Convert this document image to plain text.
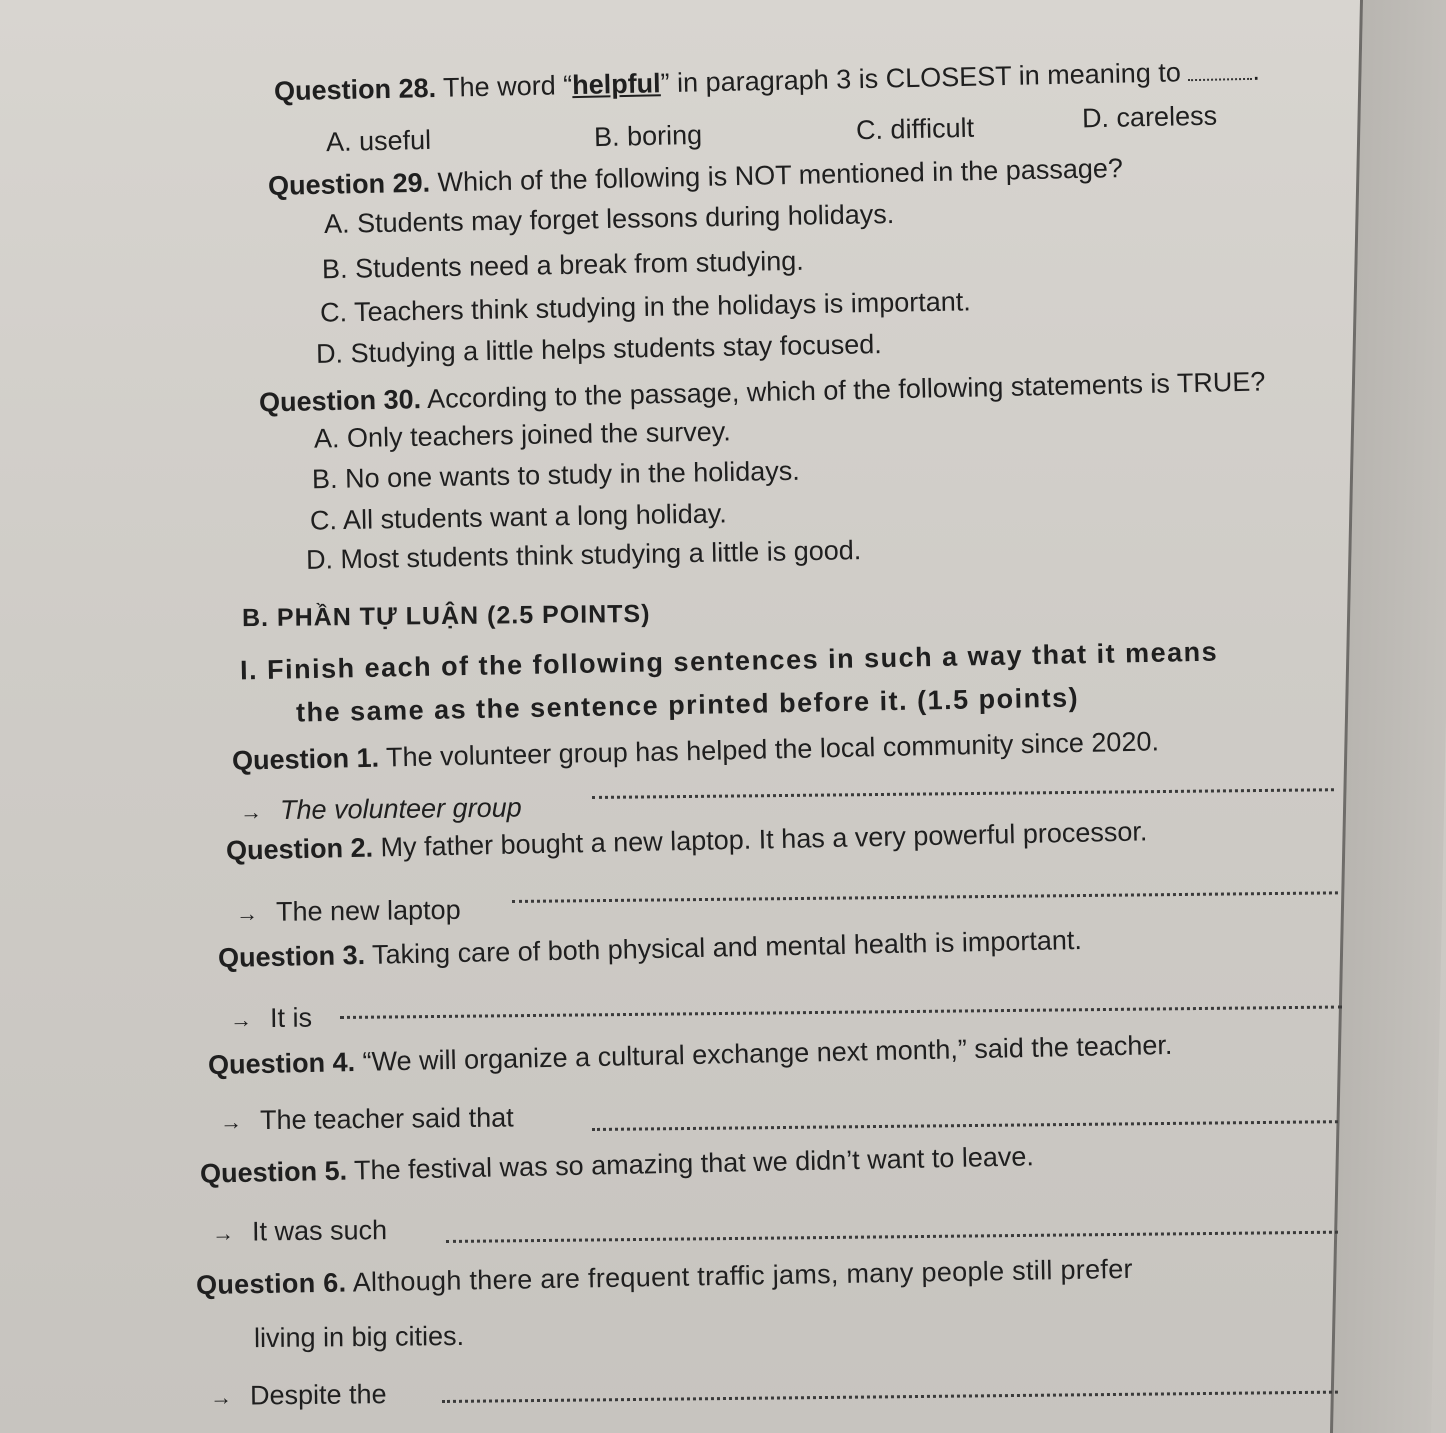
Question 28. The word “helpful” in paragraph 3 is CLOSEST in meaning to	.
A. useful	B. boring	C. difficult	D. careless
Question 29. Which of the following is NOT mentioned in the passage?
A. Students may forget lessons during holidays.
B. Students need a break from studying.
C. Teachers think studying in the holidays is important.
D. Studying a little helps students stay focused.
Question 30. According to the passage, which of the following statements is TRUE?
A. Only teachers joined the survey.
B. No one wants to study in the holidays.
C. All students want a long holiday.
D. Most students think studying a little is good.
B. PHẦN TỰ LUẬN (2.5 POINTS)
I. Finish each of the following sentences in such a way that it means
the same as the sentence printed before it. (1.5 points)
Question 1. The volunteer group has helped the local community since 2020.
→ The volunteer group
Question 2. My father bought a new laptop. It has a very powerful processor.
→ The new laptop
Question 3. Taking care of both physical and mental health is important.
→ It is
Question 4. “We will organize a cultural exchange next month,” said the teacher.
→ The teacher said that
Question 5. The festival was so amazing that we didn’t want to leave.
→ It was such
Question 6. Although there are frequent traffic jams, many people still prefer
living in big cities.
→ Despite the
